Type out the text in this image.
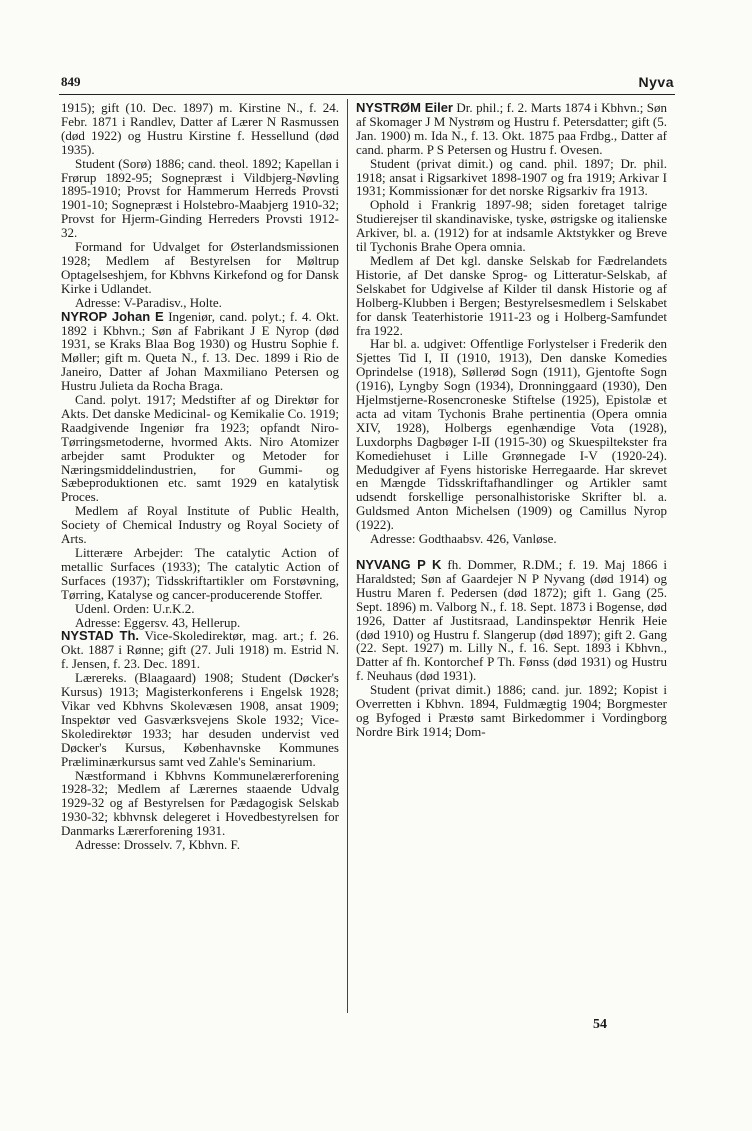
849	Nyva

1915); gift (10. Dec. 1897) m. Kirstine N., f. 24. Febr. 1871 i Randlev, Datter af Lærer N Rasmussen (død 1922) og Hustru Kirstine f. Hessellund (død 1935).

Student (Sorø) 1886; cand. theol. 1892; Kapellan i Frørup 1892-95; Sognepræst i Vildbjerg-Nøvling 1895-1910; Provst for Hammerum Herreds Provsti 1901-10; Sognepræst i Holstebro-Maabjerg 1910-32; Provst for Hjerm-Ginding Herreders Provsti 1912-32.

Formand for Udvalget for Østerlandsmissionen 1928; Medlem af Bestyrelsen for Møltrup Optagelseshjem, for Kbhvns Kirkefond og for Dansk Kirke i Udlandet.

Adresse: V-Paradisv., Holte.

NYROP Johan E Ingeniør, cand. polyt.; f. 4. Okt. 1892 i Kbhvn.; Søn af Fabrikant J E Nyrop (død 1931, se Kraks Blaa Bog 1930) og Hustru Sophie f. Møller; gift m. Queta N., f. 13. Dec. 1899 i Rio de Janeiro, Datter af Johan Maxmiliano Petersen og Hustru Julieta da Rocha Braga.

Cand. polyt. 1917; Medstifter af og Direktør for Akts. Det danske Medicinal- og Kemikalie Co. 1919; Raadgivende Ingeniør fra 1923; opfandt Niro-Tørringsmetoderne, hvormed Akts. Niro Atomizer arbejder samt Produkter og Metoder for Næringsmiddelindustrien, for Gummi- og Sæbeproduktionen etc. samt 1929 en katalytisk Proces.

Medlem af Royal Institute of Public Health, Society of Chemical Industry og Royal Society of Arts.

Litterære Arbejder: The catalytic Action of metallic Surfaces (1933); The catalytic Action of Surfaces (1937); Tidsskriftartikler om Forstøvning, Tørring, Katalyse og cancer-producerende Stoffer.

Udenl. Orden: U.r.K.2.

Adresse: Eggersv. 43, Hellerup.

NYSTAD Th. Vice-Skoledirektør, mag. art.; f. 26. Okt. 1887 i Rønne; gift (27. Juli 1918) m. Estrid N. f. Jensen, f. 23. Dec. 1891.

Lærereks. (Blaagaard) 1908; Student (Døcker's Kursus) 1913; Magisterkonferens i Engelsk 1928; Vikar ved Kbhvns Skolevæsen 1908, ansat 1909; Inspektør ved Gasværksvejens Skole 1932; Vice-Skoledirektør 1933; har desuden undervist ved Døcker's Kursus, Københavnske Kommunes Præliminærkursus samt ved Zahle's Seminarium.

Næstformand i Kbhvns Kommunelærerforening 1928-32; Medlem af Lærernes staaende Udvalg 1929-32 og af Bestyrelsen for Pædagogisk Selskab 1930-32; kbhvnsk delegeret i Hovedbestyrelsen for Danmarks Lærerforening 1931.

Adresse: Drosselv. 7, Kbhvn. F.

NYSTRØM Eiler Dr. phil.; f. 2. Marts 1874 i Kbhvn.; Søn af Skomager J M Nystrøm og Hustru f. Petersdatter; gift (5. Jan. 1900) m. Ida N., f. 13. Okt. 1875 paa Frdbg., Datter af cand. pharm. P S Petersen og Hustru f. Ovesen.

Student (privat dimit.) og cand. phil. 1897; Dr. phil. 1918; ansat i Rigsarkivet 1898-1907 og fra 1919; Arkivar I 1931; Kommissionær for det norske Rigsarkiv fra 1913.

Ophold i Frankrig 1897-98; siden foretaget talrige Studierejser til skandinaviske, tyske, østrigske og italienske Arkiver, bl. a. (1912) for at indsamle Aktstykker og Breve til Tychonis Brahe Opera omnia.

Medlem af Det kgl. danske Selskab for Fædrelandets Historie, af Det danske Sprog- og Litteratur-Selskab, af Selskabet for Udgivelse af Kilder til dansk Historie og af Holberg-Klubben i Bergen; Bestyrelsesmedlem i Selskabet for dansk Teaterhistorie 1911-23 og i Holberg-Samfundet fra 1922.

Har bl. a. udgivet: Offentlige Forlystelser i Frederik den Sjettes Tid I, II (1910, 1913), Den danske Komedies Oprindelse (1918), Søllerød Sogn (1911), Gjentofte Sogn (1916), Lyngby Sogn (1934), Dronninggaard (1930), Den Hjelmstjerne-Rosencroneske Stiftelse (1925), Epistolæ et acta ad vitam Tychonis Brahe pertinentia (Opera omnia XIV, 1928), Holbergs egenhændige Vota (1928), Luxdorphs Dagbøger I-II (1915-30) og Skuespiltekster fra Komediehuset i Lille Grønnegade I-V (1920-24). Medudgiver af Fyens historiske Herregaarde. Har skrevet en Mængde Tidsskriftafhandlinger og Artikler samt udsendt forskellige personalhistoriske Skrifter bl. a. Guldsmed Anton Michelsen (1909) og Camillus Nyrop (1922).

Adresse: Godthaabsv. 426, Vanløse.

NYVANG P K fh. Dommer, R.DM.; f. 19. Maj 1866 i Haraldsted; Søn af Gaardejer N P Nyvang (død 1914) og Hustru Maren f. Pedersen (død 1872); gift 1. Gang (25. Sept. 1896) m. Valborg N., f. 18. Sept. 1873 i Bogense, død 1926, Datter af Justitsraad, Landinspektør Henrik Heie (død 1910) og Hustru f. Slangerup (død 1897); gift 2. Gang (22. Sept. 1927) m. Lilly N., f. 16. Sept. 1893 i Kbhvn., Datter af fh. Kontorchef P Th. Fønss (død 1931) og Hustru f. Neuhaus (død 1931).

Student (privat dimit.) 1886; cand. jur. 1892; Kopist i Overretten i Kbhvn. 1894, Fuldmægtig 1904; Borgmester og Byfoged i Præstø samt Birkedommer i Vordingborg Nordre Birk 1914; Dom-

54
